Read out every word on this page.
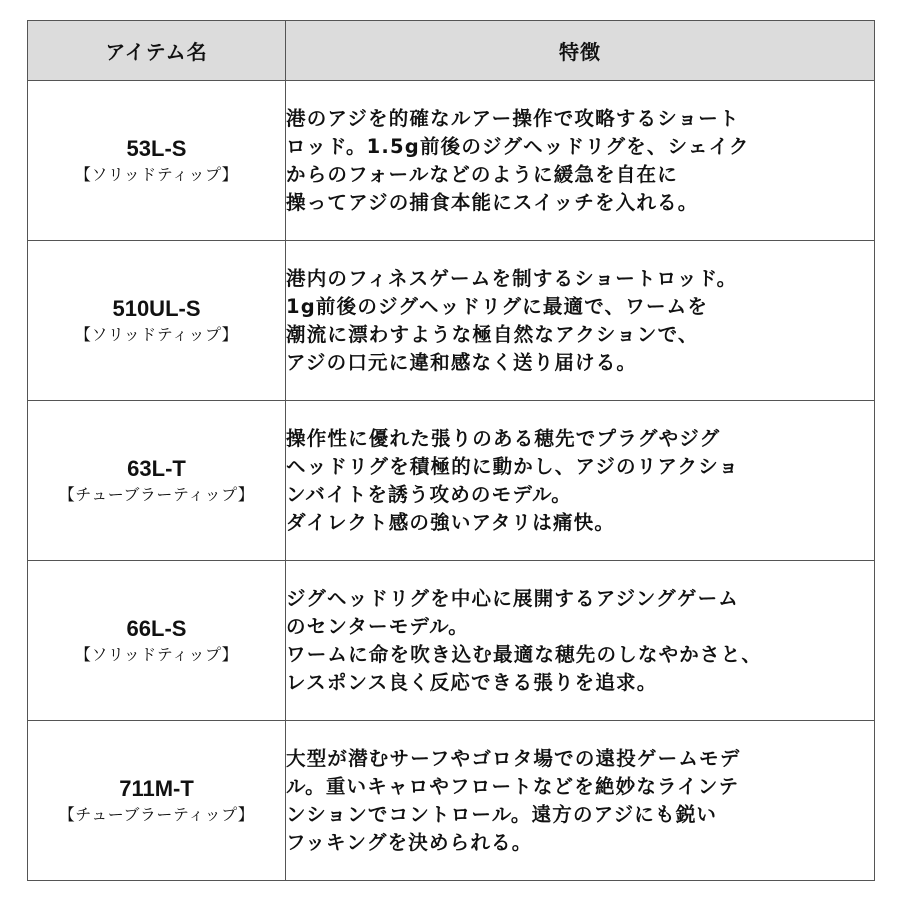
アイテム名	特徴

53L-S
【ソリッドティップ】	港のアジを的確なルアー操作で攻略するショート
ロッド。1.5g前後のジグヘッドリグを、シェイク
からのフォールなどのように緩急を自在に
操ってアジの捕食本能にスイッチを入れる。

510UL-S
【ソリッドティップ】	港内のフィネスゲームを制するショートロッド。
1g前後のジグヘッドリグに最適で、ワームを
潮流に漂わすような極自然なアクションで、
アジの口元に違和感なく送り届ける。

63L-T
【チューブラーティップ】	操作性に優れた張りのある穂先でプラグやジグ
ヘッドリグを積極的に動かし、アジのリアクショ
ンバイトを誘う攻めのモデル。
ダイレクト感の強いアタリは痛快。

66L-S
【ソリッドティップ】	ジグヘッドリグを中心に展開するアジングゲーム
のセンターモデル。
ワームに命を吹き込む最適な穂先のしなやかさと、
レスポンス良く反応できる張りを追求。

711M-T
【チューブラーティップ】	大型が潜むサーフやゴロタ場での遠投ゲームモデ
ル。重いキャロやフロートなどを絶妙なラインテ
ンションでコントロール。遠方のアジにも鋭い
フッキングを決められる。
